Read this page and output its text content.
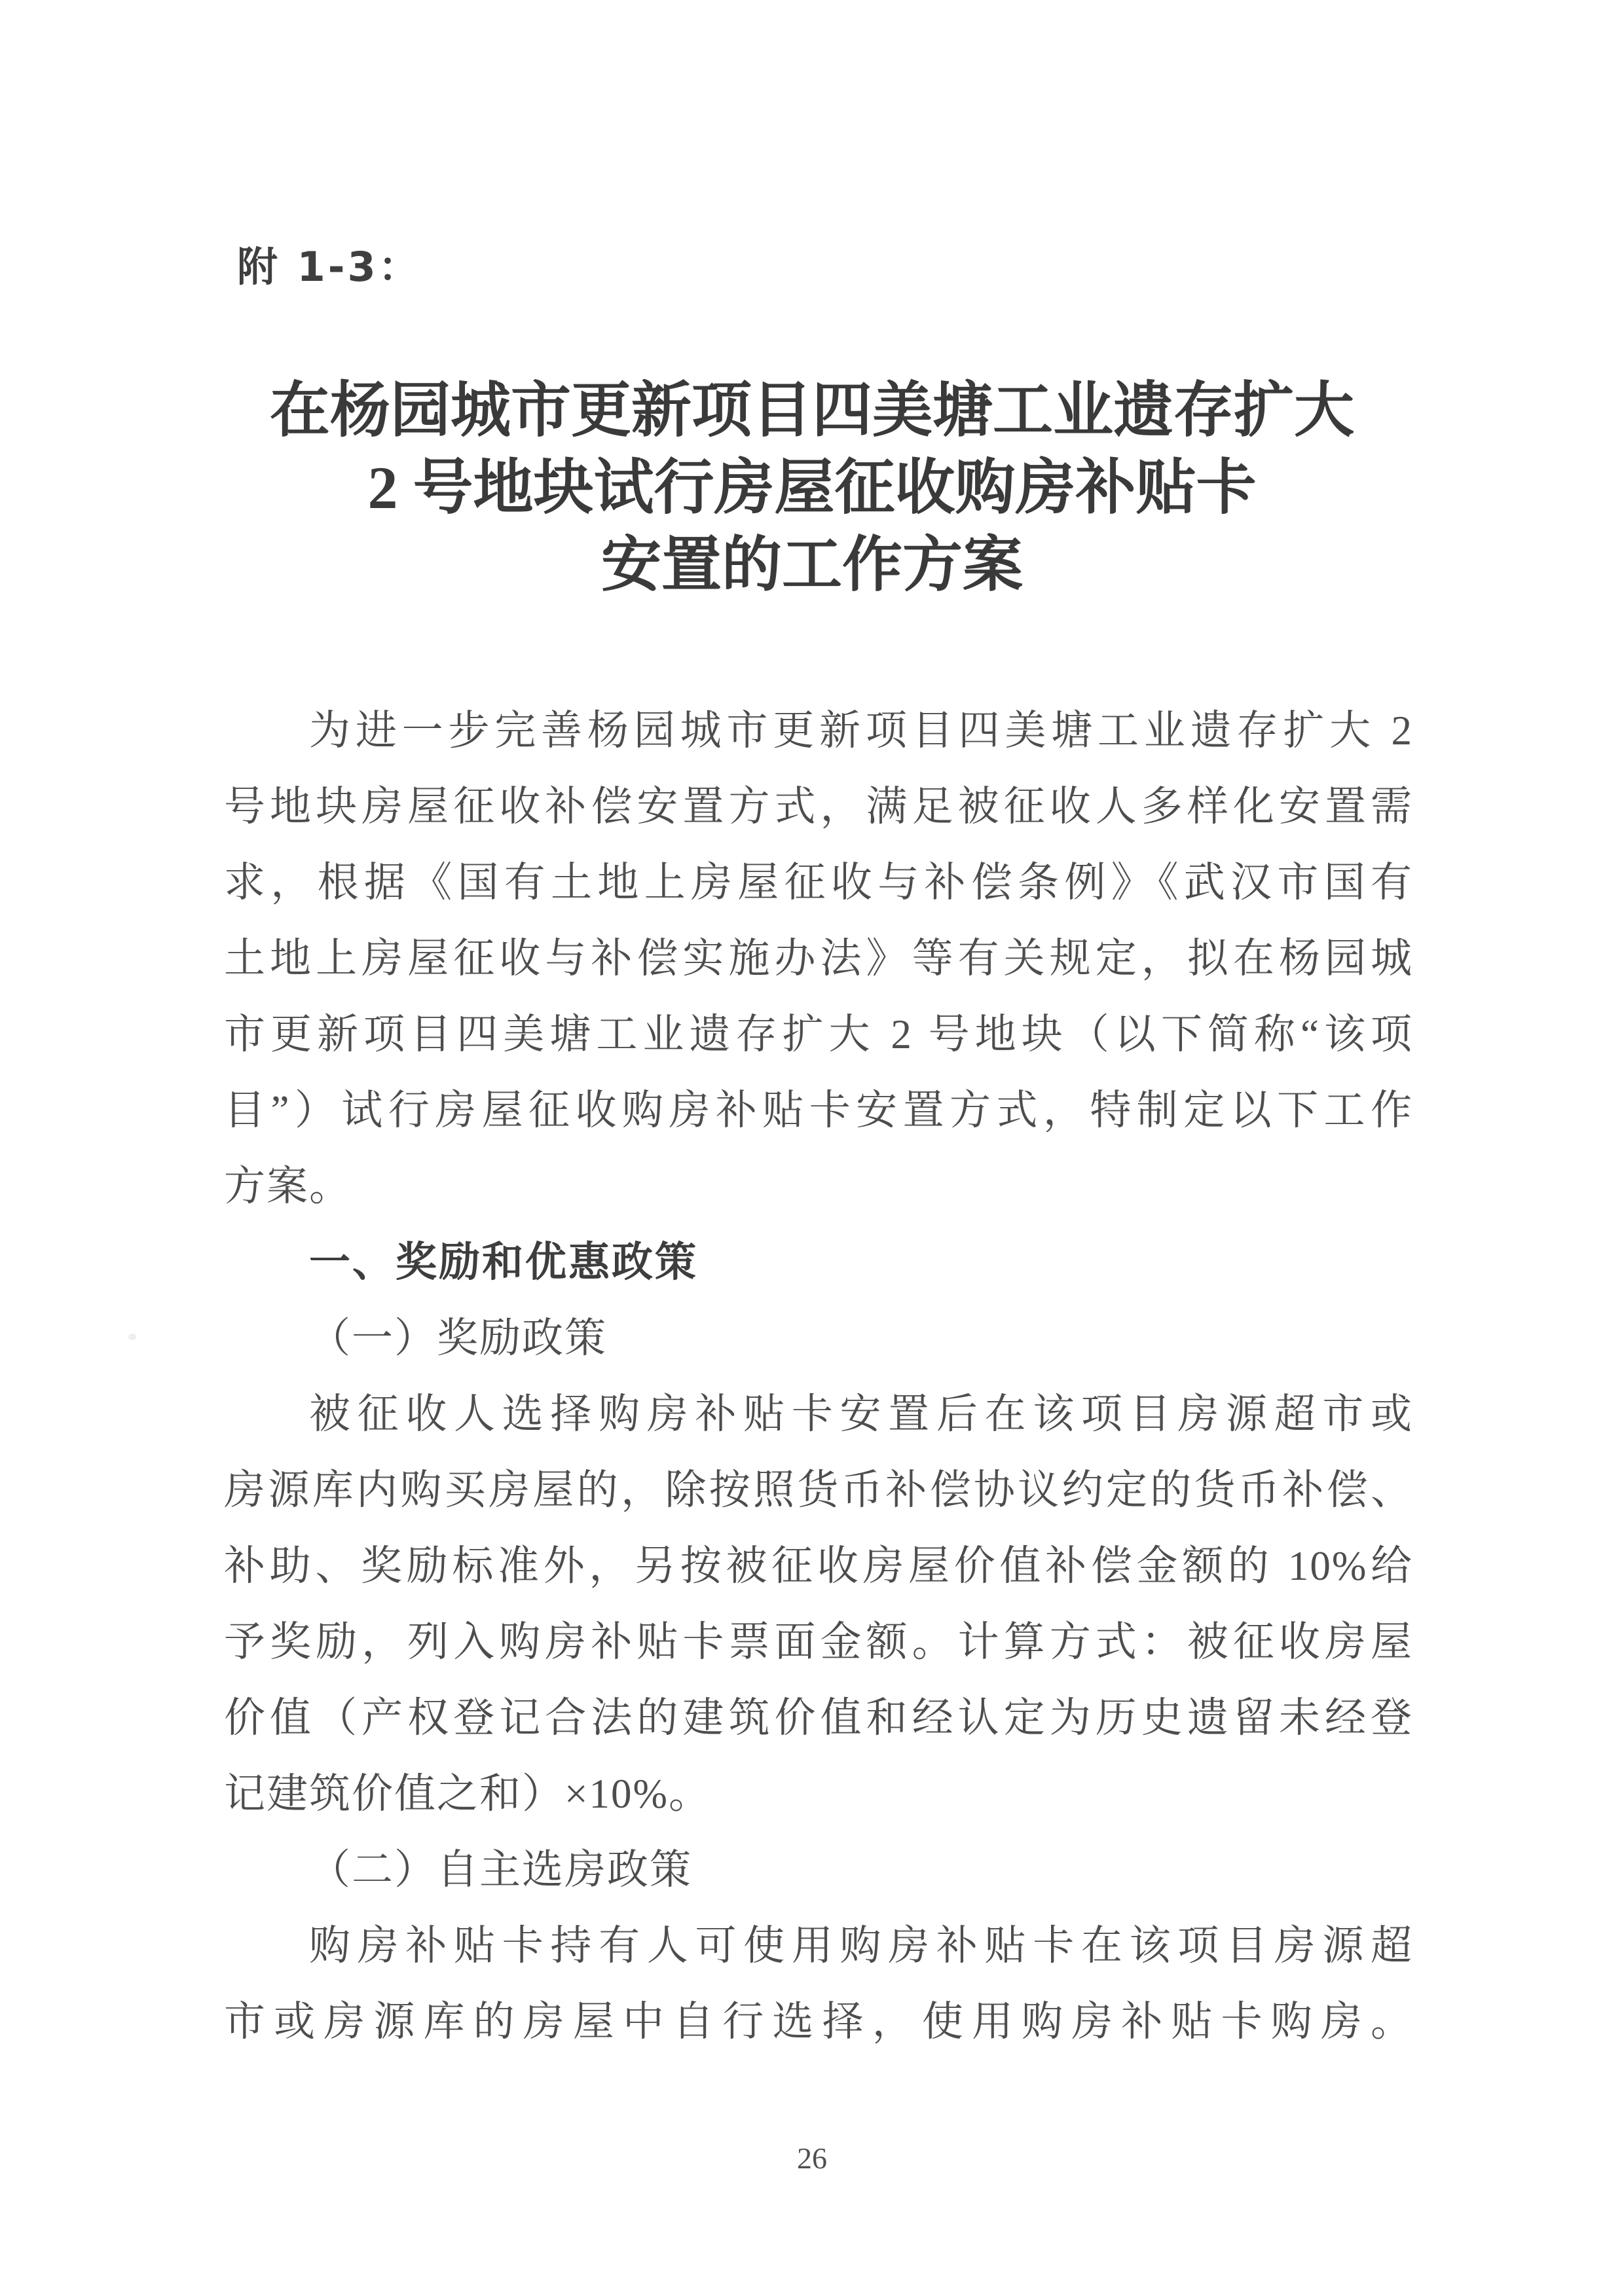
附 1-3：
在杨园城市更新项目四美塘工业遗存扩大
2 号地块试行房屋征收购房补贴卡
安置的工作方案
为进一步完善杨园城市更新项目四美塘工业遗存扩大 2
号地块房屋征收补偿安置方式，满足被征收人多样化安置需
求，根据《国有土地上房屋征收与补偿条例》《武汉市国有
土地上房屋征收与补偿实施办法》等有关规定，拟在杨园城
市更新项目四美塘工业遗存扩大 2 号地块（以下简称“该项
目”）试行房屋征收购房补贴卡安置方式，特制定以下工作
方案。
一、奖励和优惠政策
（一）奖励政策
被征收人选择购房补贴卡安置后在该项目房源超市或
房源库内购买房屋的，除按照货币补偿协议约定的货币补偿、
补助、奖励标准外，另按被征收房屋价值补偿金额的 10%给
予奖励，列入购房补贴卡票面金额。计算方式：被征收房屋
价值（产权登记合法的建筑价值和经认定为历史遗留未经登
记建筑价值之和）×10%。
（二）自主选房政策
购房补贴卡持有人可使用购房补贴卡在该项目房源超
市或房源库的房屋中自行选择，使用购房补贴卡购房。
26
